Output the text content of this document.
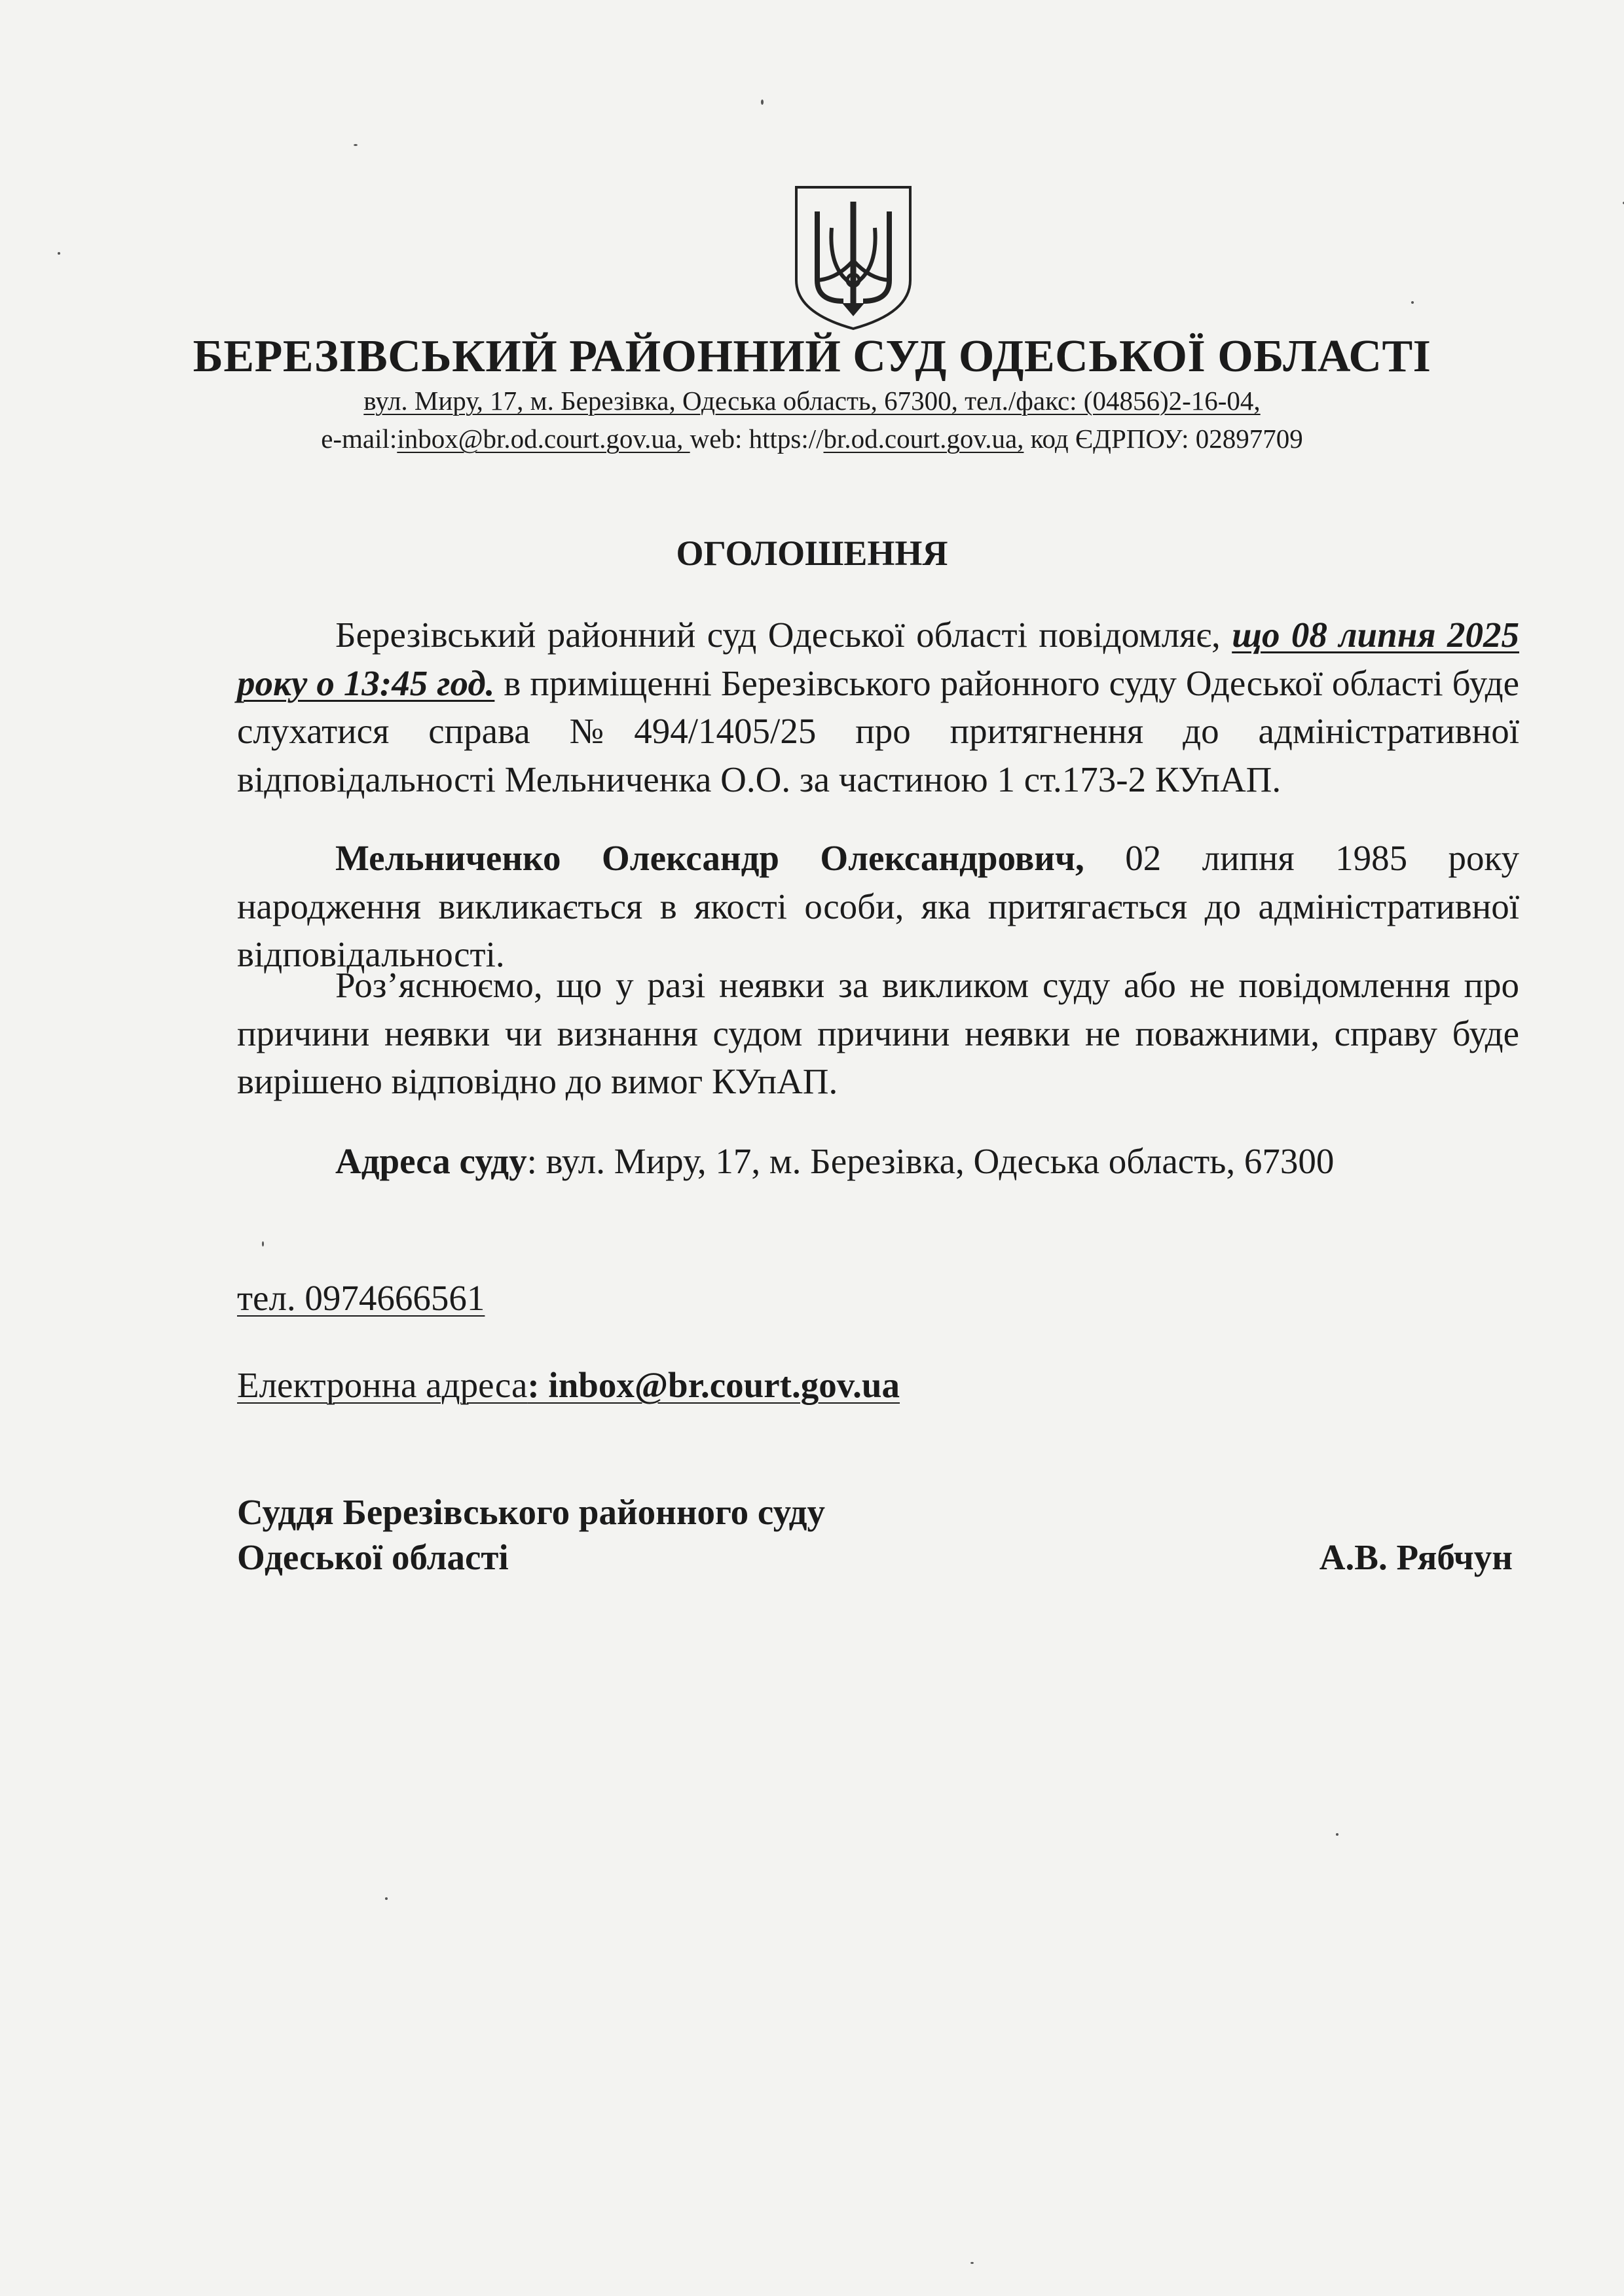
БЕРЕЗІВСЬКИЙ РАЙОННИЙ СУД ОДЕСЬКОЇ ОБЛАСТІ
вул. Миру, 17, м. Березівка, Одеська область, 67300, тел./факс: (04856)2-16-04,
e-mail:inbox@br.od.court.gov.ua, web: https://br.od.court.gov.ua, код ЄДРПОУ: 02897709
ОГОЛОШЕННЯ

Березівський районний суд Одеської області повідомляє, що 08 липня 2025 року о 13:45 год. в приміщенні Березівського районного суду Одеської області буде слухатися справа №494/1405/25 про притягнення до адміністративної відповідальності Мельниченка О.О. за частиною 1 ст.173-2 КУпАП.

Мельниченко Олександр Олександрович, 02 липня 1985 року народження викликається в якості особи, яка притягається до адміністративної відповідальності.

Роз’яснюємо, що у разі неявки за викликом суду або не повідомлення про причини неявки чи визнання судом причини неявки не поважними, справу буде вирішено відповідно до вимог КУпАП.

Адреса суду: вул. Миру, 17, м. Березівка, Одеська область, 67300
тел. 0974666561
Електронна адреса: inbox@br.court.gov.ua
Суддя Березівського районного суду
Одеської області	А.В. Рябчун
